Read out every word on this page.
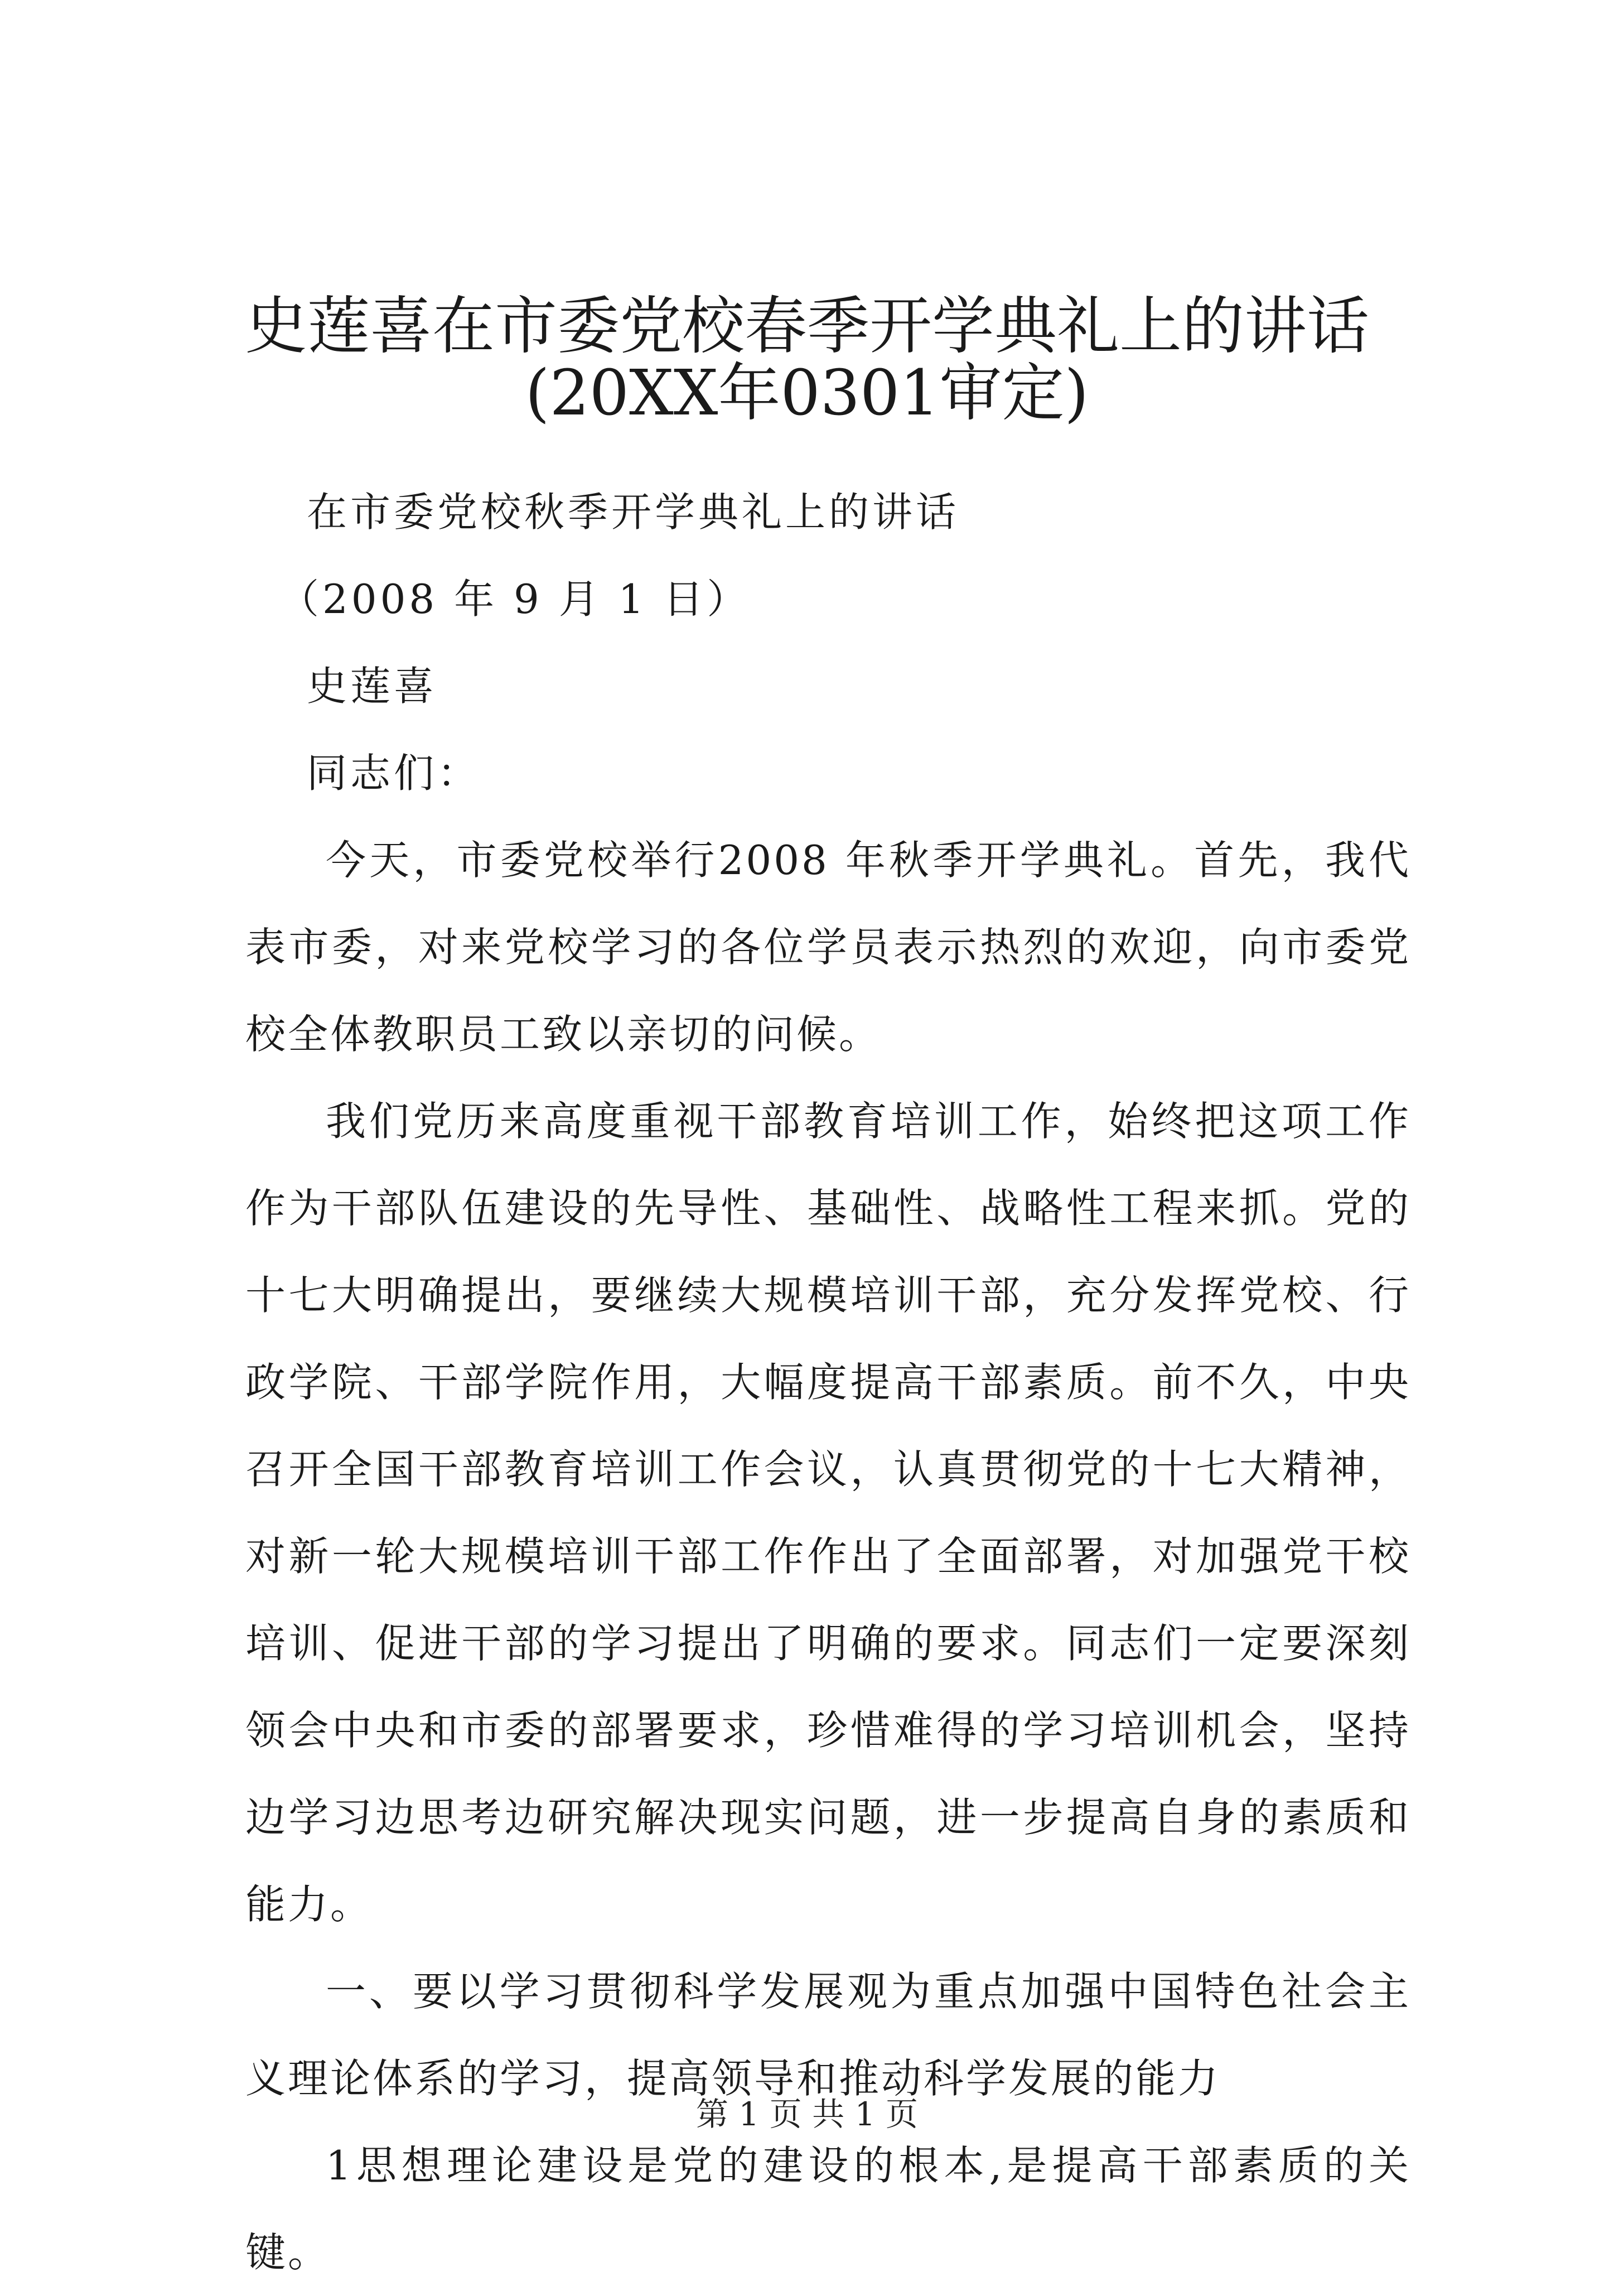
史莲喜在市委党校春季开学典礼上的讲话
(20XX年0301审定)
在市委党校秋季开学典礼上的讲话
（2008 年 9 月 1 日）
史莲喜
同志们：

今天，市委党校举行2008 年秋季开学典礼。首先，我代表市委，对来党校学习的各位学员表示热烈的欢迎，向市委党校全体教职员工致以亲切的问候。

我们党历来高度重视干部教育培训工作，始终把这项工作作为干部队伍建设的先导性、基础性、战略性工程来抓。党的十七大明确提出，要继续大规模培训干部，充分发挥党校、行政学院、干部学院作用，大幅度提高干部素质。前不久，中央召开全国干部教育培训工作会议，认真贯彻党的十七大精神，对新一轮大规模培训干部工作作出了全面部署，对加强党干校培训、促进干部的学习提出了明确的要求。同志们一定要深刻领会中央和市委的部署要求，珍惜难得的学习培训机会，坚持边学习边思考边研究解决现实问题，进一步提高自身的素质和能力。

一、要以学习贯彻科学发展观为重点加强中国特色社会主义理论体系的学习，提高领导和推动科学发展的能力

1思想理论建设是党的建设的根本,是提高干部素质的关键。

第 1 页 共 1 页
